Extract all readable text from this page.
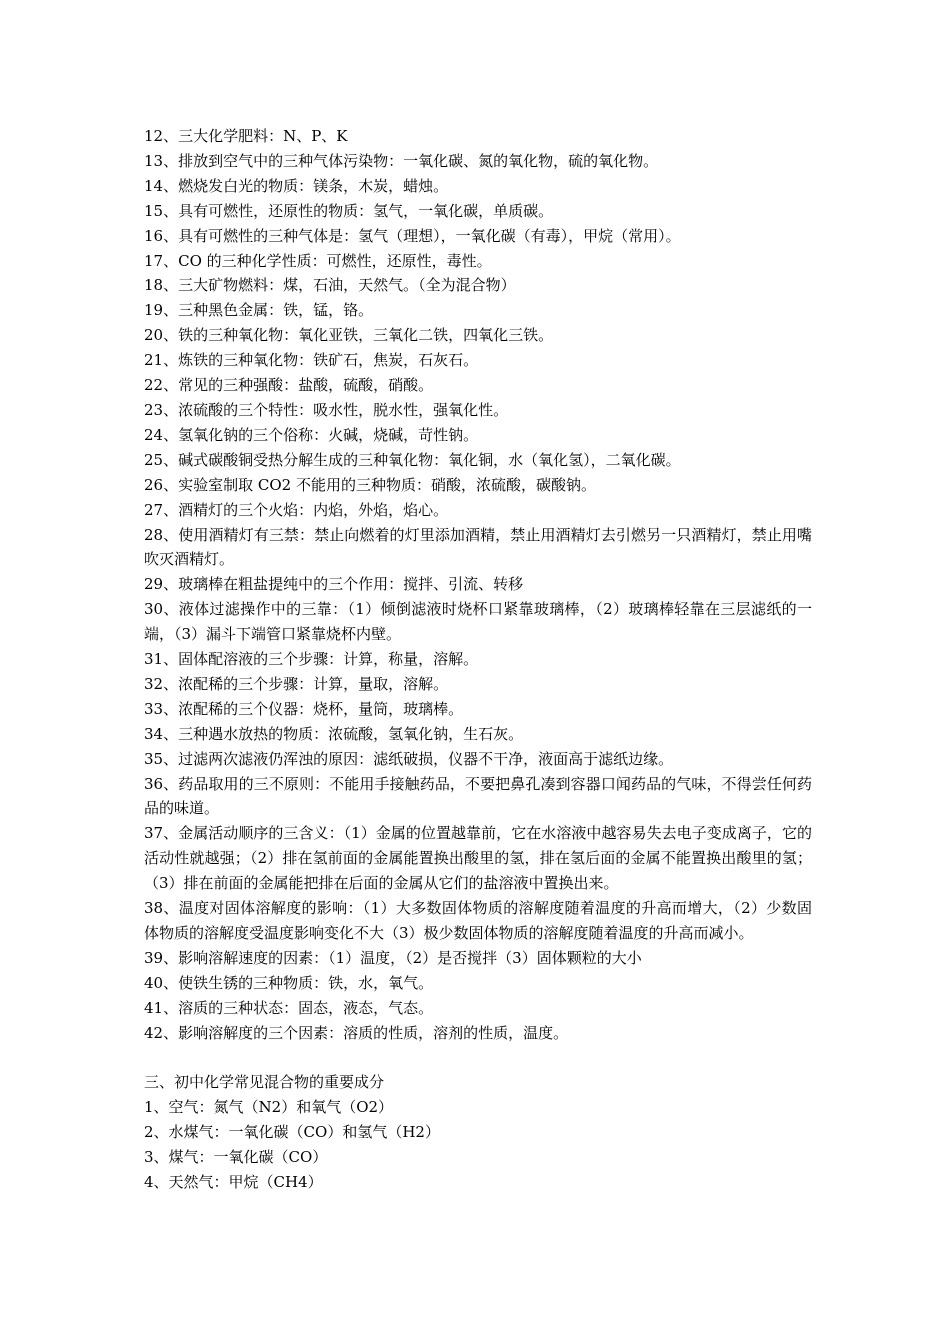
12、三大化学肥料：N、P、K

13、排放到空气中的三种气体污染物：一氧化碳、氮的氧化物，硫的氧化物。

14、燃烧发白光的物质：镁条，木炭，蜡烛。

15、具有可燃性，还原性的物质：氢气，一氧化碳，单质碳。

16、具有可燃性的三种气体是：氢气（理想），一氧化碳（有毒），甲烷（常用）。

17、CO 的三种化学性质：可燃性，还原性，毒性。

18、三大矿物燃料：煤，石油，天然气。（全为混合物）

19、三种黑色金属：铁，锰，铬。

20、铁的三种氧化物：氧化亚铁，三氧化二铁，四氧化三铁。

21、炼铁的三种氧化物：铁矿石，焦炭，石灰石。

22、常见的三种强酸：盐酸，硫酸，硝酸。

23、浓硫酸的三个特性：吸水性，脱水性，强氧化性。

24、氢氧化钠的三个俗称：火碱，烧碱，苛性钠。

25、碱式碳酸铜受热分解生成的三种氧化物：氧化铜，水（氧化氢），二氧化碳。

26、实验室制取 CO2 不能用的三种物质：硝酸，浓硫酸，碳酸钠。

27、酒精灯的三个火焰：内焰，外焰，焰心。

28、使用酒精灯有三禁：禁止向燃着的灯里添加酒精，禁止用酒精灯去引燃另一只酒精灯，禁止用嘴吹灭酒精灯。

29、玻璃棒在粗盐提纯中的三个作用：搅拌、引流、转移

30、液体过滤操作中的三靠：（1）倾倒滤液时烧杯口紧靠玻璃棒，（2）玻璃棒轻靠在三层滤纸的一端，（3）漏斗下端管口紧靠烧杯内壁。

31、固体配溶液的三个步骤：计算，称量，溶解。

32、浓配稀的三个步骤：计算，量取，溶解。

33、浓配稀的三个仪器：烧杯，量筒，玻璃棒。

34、三种遇水放热的物质：浓硫酸，氢氧化钠，生石灰。

35、过滤两次滤液仍浑浊的原因：滤纸破损，仪器不干净，液面高于滤纸边缘。

36、药品取用的三不原则：不能用手接触药品，不要把鼻孔凑到容器口闻药品的气味，不得尝任何药品的味道。

37、金属活动顺序的三含义：（1）金属的位置越靠前，它在水溶液中越容易失去电子变成离子，它的活动性就越强；（2）排在氢前面的金属能置换出酸里的氢，排在氢后面的金属不能置换出酸里的氢；（3）排在前面的金属能把排在后面的金属从它们的盐溶液中置换出来。

38、温度对固体溶解度的影响：（1）大多数固体物质的溶解度随着温度的升高而增大，（2）少数固体物质的溶解度受温度影响变化不大（3）极少数固体物质的溶解度随着温度的升高而减小。

39、影响溶解速度的因素：（1）温度，（2）是否搅拌（3）固体颗粒的大小

40、使铁生锈的三种物质：铁，水，氧气。

41、溶质的三种状态：固态，液态，气态。

42、影响溶解度的三个因素：溶质的性质，溶剂的性质，温度。

三、初中化学常见混合物的重要成分

1、空气：氮气（N2）和氧气（O2）

2、水煤气：一氧化碳（CO）和氢气（H2）

3、煤气：一氧化碳（CO）

4、天然气：甲烷（CH4）
